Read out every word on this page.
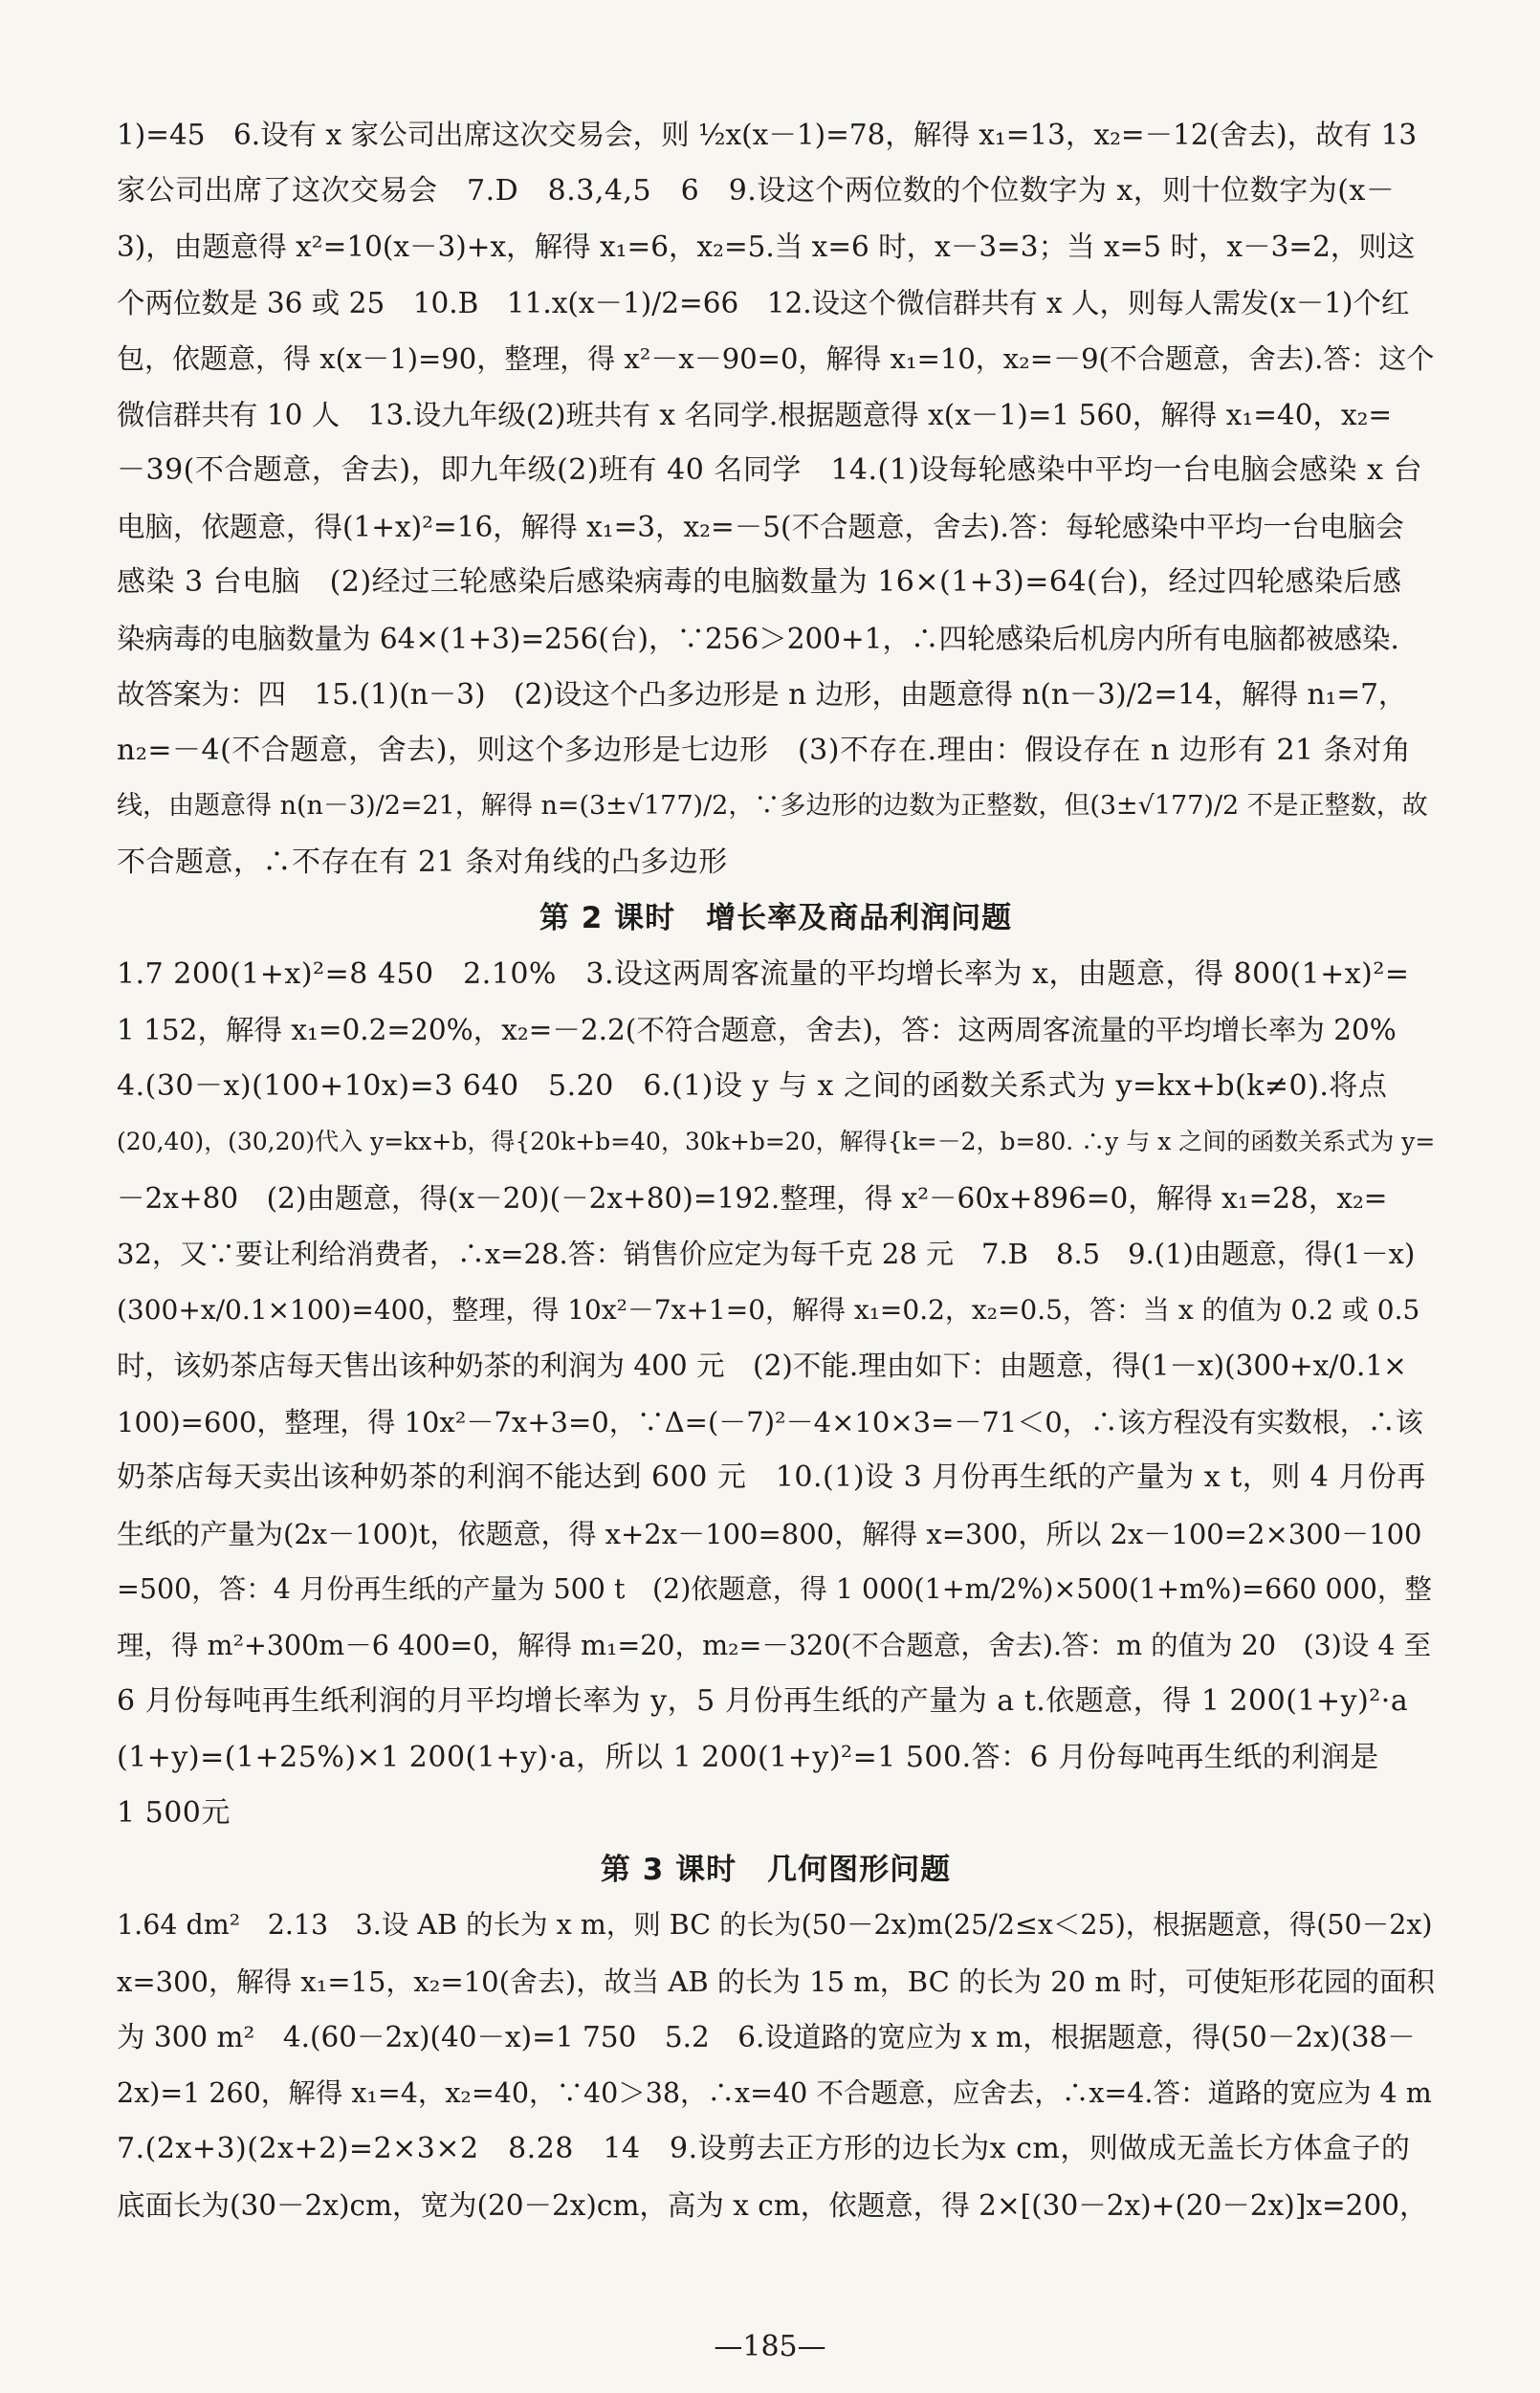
1)=45　6.设有 x 家公司出席这次交易会，则 ½x(x－1)=78，解得 x₁=13，x₂=－12(舍去)，故有 13
家公司出席了这次交易会　7.D　8.3,4,5　6　9.设这个两位数的个位数字为 x，则十位数字为(x－
3)，由题意得 x²=10(x－3)+x，解得 x₁=6，x₂=5.当 x=6 时，x－3=3；当 x=5 时，x－3=2，则这
个两位数是 36 或 25　10.B　11.x(x－1)/2=66　12.设这个微信群共有 x 人，则每人需发(x－1)个红
包，依题意，得 x(x－1)=90，整理，得 x²－x－90=0，解得 x₁=10，x₂=－9(不合题意，舍去).答：这个
微信群共有 10 人　13.设九年级(2)班共有 x 名同学.根据题意得 x(x－1)=1 560，解得 x₁=40，x₂=
－39(不合题意，舍去)，即九年级(2)班有 40 名同学　14.(1)设每轮感染中平均一台电脑会感染 x 台
电脑，依题意，得(1+x)²=16，解得 x₁=3，x₂=－5(不合题意，舍去).答：每轮感染中平均一台电脑会
感染 3 台电脑　(2)经过三轮感染后感染病毒的电脑数量为 16×(1+3)=64(台)，经过四轮感染后感
染病毒的电脑数量为 64×(1+3)=256(台)，∵256＞200+1，∴四轮感染后机房内所有电脑都被感染.
故答案为：四　15.(1)(n－3)　(2)设这个凸多边形是 n 边形，由题意得 n(n－3)/2=14，解得 n₁=7，
n₂=－4(不合题意，舍去)，则这个多边形是七边形　(3)不存在.理由：假设存在 n 边形有 21 条对角
线，由题意得 n(n－3)/2=21，解得 n=(3±√177)/2，∵多边形的边数为正整数，但(3±√177)/2 不是正整数，故
不合题意，∴不存在有 21 条对角线的凸多边形
第 2 课时　增长率及商品利润问题
1.7 200(1+x)²=8 450　2.10%　3.设这两周客流量的平均增长率为 x，由题意，得 800(1+x)²=
1 152，解得 x₁=0.2=20%，x₂=－2.2(不符合题意，舍去)，答：这两周客流量的平均增长率为 20%
4.(30－x)(100+10x)=3 640　5.20　6.(1)设 y 与 x 之间的函数关系式为 y=kx+b(k≠0).将点
(20,40)，(30,20)代入 y=kx+b，得{20k+b=40，30k+b=20，解得{k=－2，b=80. ∴y 与 x 之间的函数关系式为 y=
－2x+80　(2)由题意，得(x－20)(－2x+80)=192.整理，得 x²－60x+896=0，解得 x₁=28，x₂=
32，又∵要让利给消费者，∴x=28.答：销售价应定为每千克 28 元　7.B　8.5　9.(1)由题意，得(1－x)
(300+x/0.1×100)=400，整理，得 10x²－7x+1=0，解得 x₁=0.2，x₂=0.5，答：当 x 的值为 0.2 或 0.5
时，该奶茶店每天售出该种奶茶的利润为 400 元　(2)不能.理由如下：由题意，得(1－x)(300+x/0.1×
100)=600，整理，得 10x²－7x+3=0，∵Δ=(－7)²－4×10×3=－71＜0，∴该方程没有实数根，∴该
奶茶店每天卖出该种奶茶的利润不能达到 600 元　10.(1)设 3 月份再生纸的产量为 x t，则 4 月份再
生纸的产量为(2x－100)t，依题意，得 x+2x－100=800，解得 x=300，所以 2x－100=2×300－100
=500，答：4 月份再生纸的产量为 500 t　(2)依题意，得 1 000(1+m/2%)×500(1+m%)=660 000，整
理，得 m²+300m－6 400=0，解得 m₁=20，m₂=－320(不合题意，舍去).答：m 的值为 20　(3)设 4 至
6 月份每吨再生纸利润的月平均增长率为 y，5 月份再生纸的产量为 a t.依题意，得 1 200(1+y)²·a
(1+y)=(1+25%)×1 200(1+y)·a，所以 1 200(1+y)²=1 500.答：6 月份每吨再生纸的利润是
1 500元
第 3 课时　几何图形问题
1.64 dm²　2.13　3.设 AB 的长为 x m，则 BC 的长为(50－2x)m(25/2≤x＜25)，根据题意，得(50－2x)
x=300，解得 x₁=15，x₂=10(舍去)，故当 AB 的长为 15 m，BC 的长为 20 m 时，可使矩形花园的面积
为 300 m²　4.(60－2x)(40－x)=1 750　5.2　6.设道路的宽应为 x m，根据题意，得(50－2x)(38－
2x)=1 260，解得 x₁=4，x₂=40，∵40＞38，∴x=40 不合题意，应舍去，∴x=4.答：道路的宽应为 4 m
7.(2x+3)(2x+2)=2×3×2　8.28　14　9.设剪去正方形的边长为x cm，则做成无盖长方体盒子的
底面长为(30－2x)cm，宽为(20－2x)cm，高为 x cm，依题意，得 2×[(30－2x)+(20－2x)]x=200，
—185—
